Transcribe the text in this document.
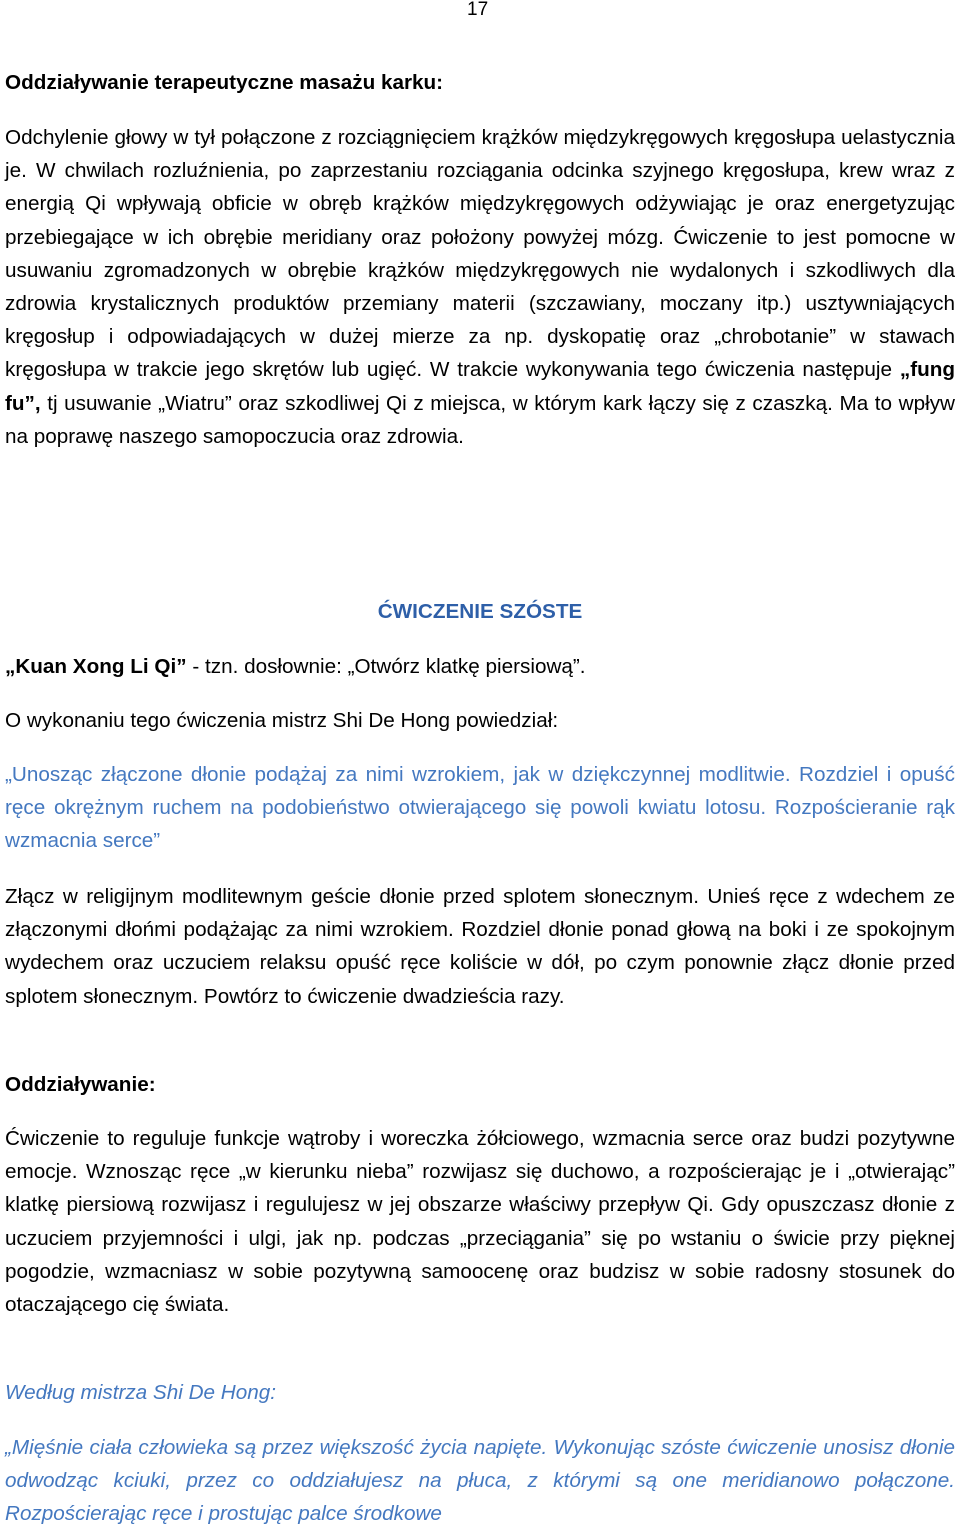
17

Oddziaływanie terapeutyczne masażu karku:

Odchylenie głowy w tył połączone z rozciągnięciem krążków międzykręgowych kręgosłupa uelastycznia je. W chwilach rozluźnienia, po zaprzestaniu rozciągania odcinka szyjnego kręgosłupa, krew wraz z energią Qi wpływają obficie w obręb krążków międzykręgowych odżywiając je oraz energetyzując przebiegające w ich obrębie meridiany oraz położony powyżej mózg. Ćwiczenie to jest pomocne w usuwaniu zgromadzonych w obrębie krążków międzykręgowych nie wydalonych i szkodliwych dla zdrowia krystalicznych produktów przemiany materii (szczawiany, moczany itp.) usztywniających kręgosłup i odpowiadających w dużej mierze za np. dyskopatię oraz „chrobotanie” w stawach kręgosłupa w trakcie jego skrętów lub ugięć. W trakcie wykonywania tego ćwiczenia następuje „fung fu”, tj usuwanie „Wiatru” oraz szkodliwej Qi z miejsca, w którym kark łączy się z czaszką. Ma to wpływ na poprawę naszego samopoczucia oraz zdrowia.

ĆWICZENIE SZÓSTE

„Kuan Xong Li Qi” - tzn. dosłownie: „Otwórz klatkę piersiową”.

O wykonaniu tego ćwiczenia mistrz Shi De Hong powiedział:

„Unosząc złączone dłonie podążaj za nimi wzrokiem, jak w dziękczynnej modlitwie. Rozdziel i opuść ręce okrężnym ruchem na podobieństwo otwierającego się powoli kwiatu lotosu. Rozpościeranie rąk wzmacnia serce”

Złącz w religijnym modlitewnym geście dłonie przed splotem słonecznym. Unieś ręce z wdechem ze złączonymi dłońmi podążając za nimi wzrokiem. Rozdziel dłonie ponad głową na boki i ze spokojnym wydechem oraz uczuciem relaksu opuść ręce koliście w dół, po czym ponownie złącz dłonie przed splotem słonecznym. Powtórz to ćwiczenie dwadzieścia razy.

Oddziaływanie:

Ćwiczenie to reguluje funkcje wątroby i woreczka żółciowego, wzmacnia serce oraz budzi pozytywne emocje. Wznosząc ręce „w kierunku nieba” rozwijasz się duchowo, a rozpościerając je i „otwierając” klatkę piersiową rozwijasz i regulujesz w jej obszarze właściwy przepływ Qi. Gdy opuszczasz dłonie z uczuciem przyjemności i ulgi, jak np. podczas „przeciągania” się po wstaniu o świcie przy pięknej pogodzie, wzmacniasz w sobie pozytywną samoocenę oraz budzisz w sobie radosny stosunek do otaczającego cię świata.

Według mistrza Shi De Hong:

„Mięśnie ciała człowieka są przez większość życia napięte. Wykonując szóste ćwiczenie unosisz dłonie odwodząc kciuki, przez co oddziałujesz na płuca, z którymi są one meridianowo połączone. Rozpościerając ręce i prostując palce środkowe
